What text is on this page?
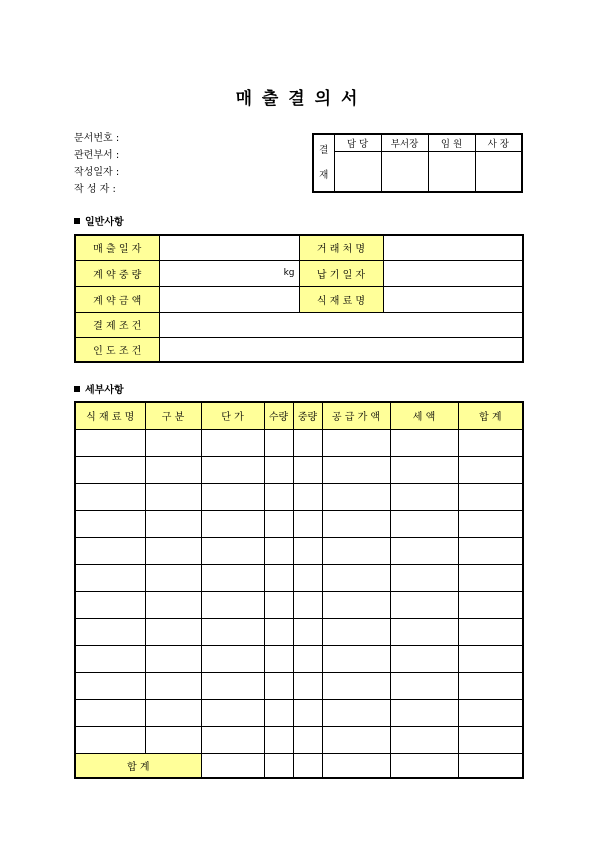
매 출 결 의 서
문서번호 :
관련부서 :
작성일자 :
작 성 자 :
결
재	담 당	부서장	임 원	사 장

일반사항
매 출 일 자		거 래 처 명	
계 약 중 량	kg	납 기 일 자	
계 약 금 액		식 재 료 명	
결 제 조 건			
인 도 조 건			
세부사항
식 재 료 명	구 분	단 가	수량	중량	공 급 가 액	세 액	합 계

합 계							
